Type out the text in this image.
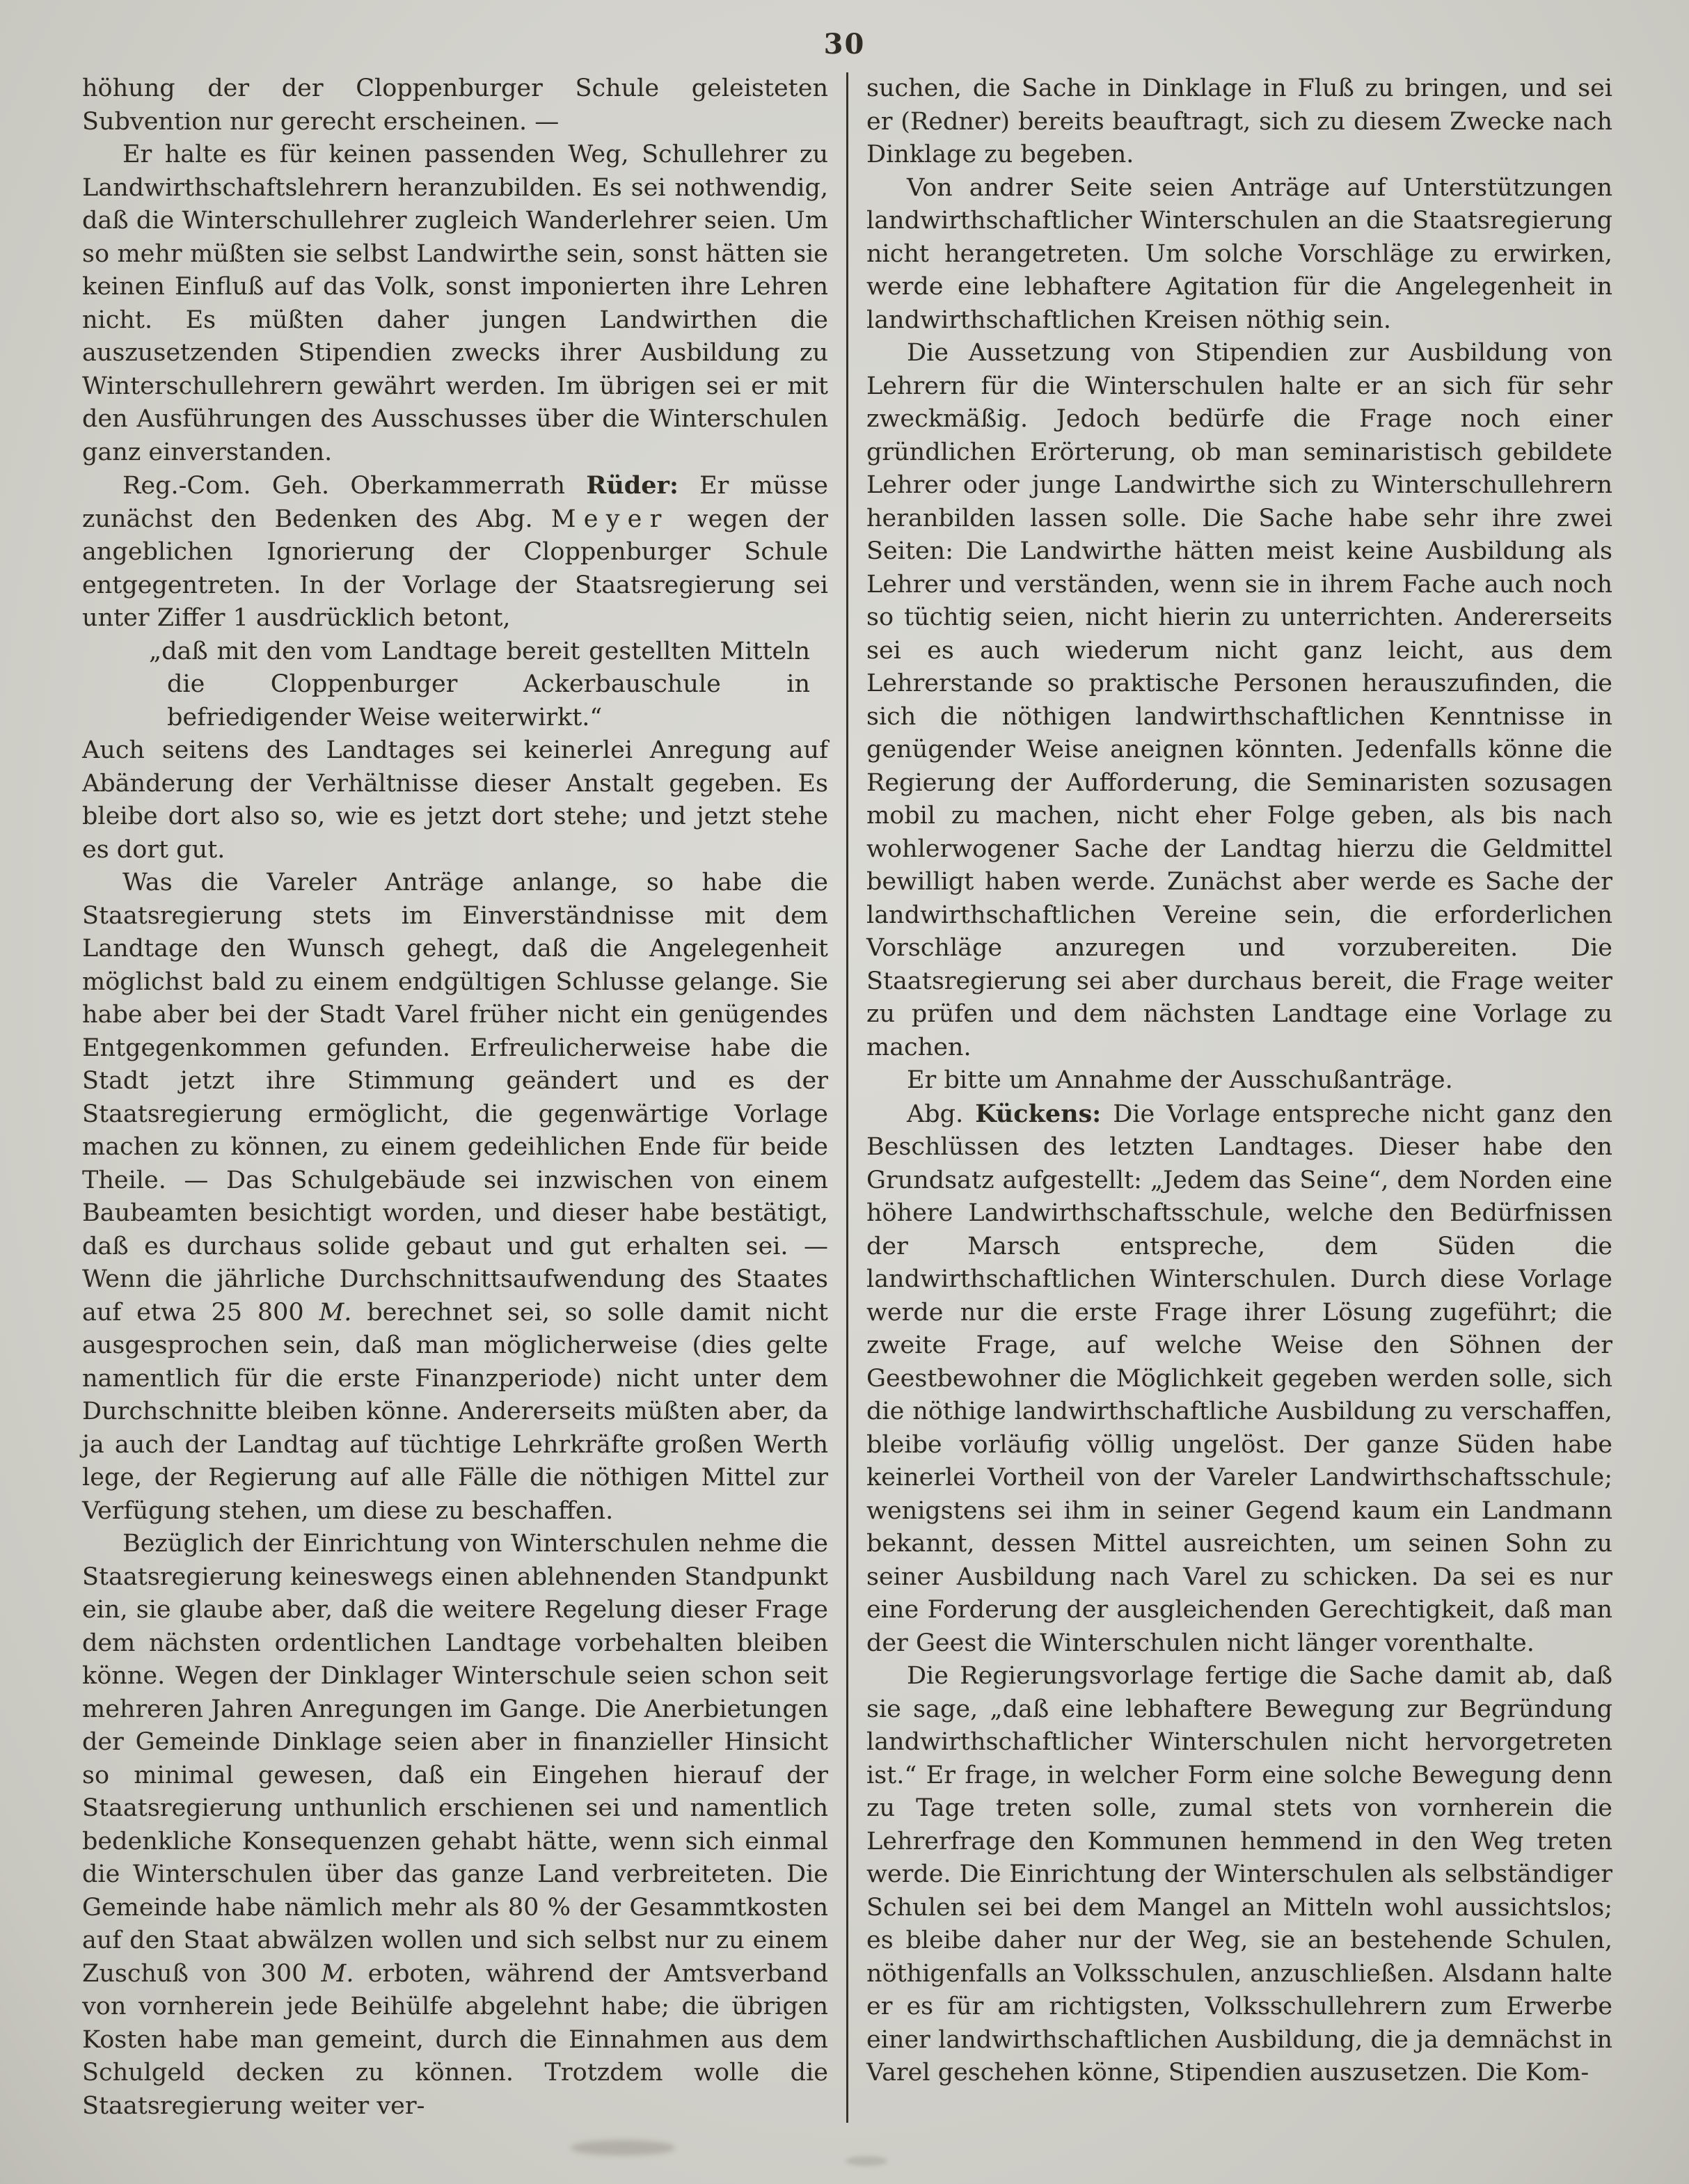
30

höhung der der Cloppenburger Schule geleisteten Subvention nur gerecht erscheinen. —

Er halte es für keinen passenden Weg, Schullehrer zu Landwirthschaftslehrern heranzubilden. Es sei nothwendig, daß die Winterschullehrer zugleich Wanderlehrer seien. Um so mehr müßten sie selbst Landwirthe sein, sonst hätten sie keinen Einfluß auf das Volk, sonst imponierten ihre Lehren nicht. Es müßten daher jungen Landwirthen die auszusetzenden Stipendien zwecks ihrer Ausbildung zu Winterschullehrern gewährt werden. Im übrigen sei er mit den Ausführungen des Ausschusses über die Winterschulen ganz einverstanden.

Reg.-Com. Geh. Oberkammerrath Rüder: Er müsse zunächst den Bedenken des Abg. Meyer wegen der angeblichen Ignorierung der Cloppenburger Schule entgegentreten. In der Vorlage der Staatsregierung sei unter Ziffer 1 ausdrücklich betont,

„daß mit den vom Landtage bereit gestellten Mitteln die Cloppenburger Ackerbauschule in befriedigender Weise weiterwirkt.“

Auch seitens des Landtages sei keinerlei Anregung auf Abänderung der Verhältnisse dieser Anstalt gegeben. Es bleibe dort also so, wie es jetzt dort stehe; und jetzt stehe es dort gut.

Was die Vareler Anträge anlange, so habe die Staatsregierung stets im Einverständnisse mit dem Landtage den Wunsch gehegt, daß die Angelegenheit möglichst bald zu einem endgültigen Schlusse gelange. Sie habe aber bei der Stadt Varel früher nicht ein genügendes Entgegenkommen gefunden. Erfreulicherweise habe die Stadt jetzt ihre Stimmung geändert und es der Staatsregierung ermöglicht, die gegenwärtige Vorlage machen zu können, zu einem gedeihlichen Ende für beide Theile. — Das Schulgebäude sei inzwischen von einem Baubeamten besichtigt worden, und dieser habe bestätigt, daß es durchaus solide gebaut und gut erhalten sei. — Wenn die jährliche Durchschnittsaufwendung des Staates auf etwa 25 800 M. berechnet sei, so solle damit nicht ausgesprochen sein, daß man möglicherweise (dies gelte namentlich für die erste Finanzperiode) nicht unter dem Durchschnitte bleiben könne. Andererseits müßten aber, da ja auch der Landtag auf tüchtige Lehrkräfte großen Werth lege, der Regierung auf alle Fälle die nöthigen Mittel zur Verfügung stehen, um diese zu beschaffen.

Bezüglich der Einrichtung von Winterschulen nehme die Staatsregierung keineswegs einen ablehnenden Standpunkt ein, sie glaube aber, daß die weitere Regelung dieser Frage dem nächsten ordentlichen Landtage vorbehalten bleiben könne. Wegen der Dinklager Winterschule seien schon seit mehreren Jahren Anregungen im Gange. Die Anerbietungen der Gemeinde Dinklage seien aber in finanzieller Hinsicht so minimal gewesen, daß ein Eingehen hierauf der Staatsregierung unthunlich erschienen sei und namentlich bedenkliche Konsequenzen gehabt hätte, wenn sich einmal die Winterschulen über das ganze Land verbreiteten. Die Gemeinde habe nämlich mehr als 80 % der Gesammtkosten auf den Staat abwälzen wollen und sich selbst nur zu einem Zuschuß von 300 M. erboten, während der Amtsverband von vornherein jede Beihülfe abgelehnt habe; die übrigen Kosten habe man gemeint, durch die Einnahmen aus dem Schulgeld decken zu können. Trotzdem wolle die Staatsregierung weiter ver-

suchen, die Sache in Dinklage in Fluß zu bringen, und sei er (Redner) bereits beauftragt, sich zu diesem Zwecke nach Dinklage zu begeben.

Von andrer Seite seien Anträge auf Unterstützungen landwirthschaftlicher Winterschulen an die Staatsregierung nicht herangetreten. Um solche Vorschläge zu erwirken, werde eine lebhaftere Agitation für die Angelegenheit in landwirthschaftlichen Kreisen nöthig sein.

Die Aussetzung von Stipendien zur Ausbildung von Lehrern für die Winterschulen halte er an sich für sehr zweckmäßig. Jedoch bedürfe die Frage noch einer gründlichen Erörterung, ob man seminaristisch gebildete Lehrer oder junge Landwirthe sich zu Winterschullehrern heranbilden lassen solle. Die Sache habe sehr ihre zwei Seiten: Die Landwirthe hätten meist keine Ausbildung als Lehrer und verständen, wenn sie in ihrem Fache auch noch so tüchtig seien, nicht hierin zu unterrichten. Andererseits sei es auch wiederum nicht ganz leicht, aus dem Lehrerstande so praktische Personen herauszufinden, die sich die nöthigen landwirthschaftlichen Kenntnisse in genügender Weise aneignen könnten. Jedenfalls könne die Regierung der Aufforderung, die Seminaristen sozusagen mobil zu machen, nicht eher Folge geben, als bis nach wohlerwogener Sache der Landtag hierzu die Geldmittel bewilligt haben werde. Zunächst aber werde es Sache der landwirthschaftlichen Vereine sein, die erforderlichen Vorschläge anzuregen und vorzubereiten. Die Staatsregierung sei aber durchaus bereit, die Frage weiter zu prüfen und dem nächsten Landtage eine Vorlage zu machen.

Er bitte um Annahme der Ausschußanträge.

Abg. Kückens: Die Vorlage entspreche nicht ganz den Beschlüssen des letzten Landtages. Dieser habe den Grundsatz aufgestellt: „Jedem das Seine“, dem Norden eine höhere Landwirthschaftsschule, welche den Bedürfnissen der Marsch entspreche, dem Süden die landwirthschaftlichen Winterschulen. Durch diese Vorlage werde nur die erste Frage ihrer Lösung zugeführt; die zweite Frage, auf welche Weise den Söhnen der Geestbewohner die Möglichkeit gegeben werden solle, sich die nöthige landwirthschaftliche Ausbildung zu verschaffen, bleibe vorläufig völlig ungelöst. Der ganze Süden habe keinerlei Vortheil von der Vareler Landwirthschaftsschule; wenigstens sei ihm in seiner Gegend kaum ein Landmann bekannt, dessen Mittel ausreichten, um seinen Sohn zu seiner Ausbildung nach Varel zu schicken. Da sei es nur eine Forderung der ausgleichenden Gerechtigkeit, daß man der Geest die Winterschulen nicht länger vorenthalte.

Die Regierungsvorlage fertige die Sache damit ab, daß sie sage, „daß eine lebhaftere Bewegung zur Begründung landwirthschaftlicher Winterschulen nicht hervorgetreten ist.“ Er frage, in welcher Form eine solche Bewegung denn zu Tage treten solle, zumal stets von vornherein die Lehrerfrage den Kommunen hemmend in den Weg treten werde. Die Einrichtung der Winterschulen als selbständiger Schulen sei bei dem Mangel an Mitteln wohl aussichtslos; es bleibe daher nur der Weg, sie an bestehende Schulen, nöthigenfalls an Volksschulen, anzuschließen. Alsdann halte er es für am richtigsten, Volksschullehrern zum Erwerbe einer landwirthschaftlichen Ausbildung, die ja demnächst in Varel geschehen könne, Stipendien auszusetzen. Die Kom-
